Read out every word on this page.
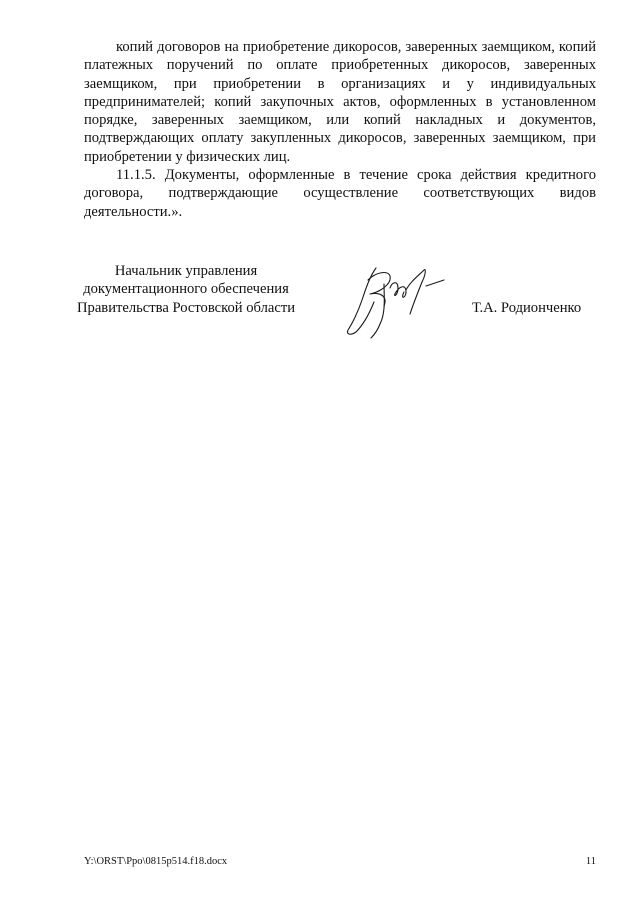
копий договоров на приобретение дикоросов, заверенных заемщиком, копий платежных поручений по оплате приобретенных дикоросов, заверенных заемщиком, при приобретении в организациях и у индивидуальных предпринимателей; копий закупочных актов, оформленных в установленном порядке, заверенных заемщиком, или копий накладных и документов, подтверждающих оплату закупленных дикоросов, заверенных заемщиком, при приобретении у физических лиц.

11.1.5. Документы, оформленные в течение срока действия кредитного договора, подтверждающие осуществление соответствующих видов деятельности.».

Начальник управления
документационного обеспечения
Правительства Ростовской области	Т.А. Родионченко
Y:\ORST\Ppo\0815p514.f18.docx	11
